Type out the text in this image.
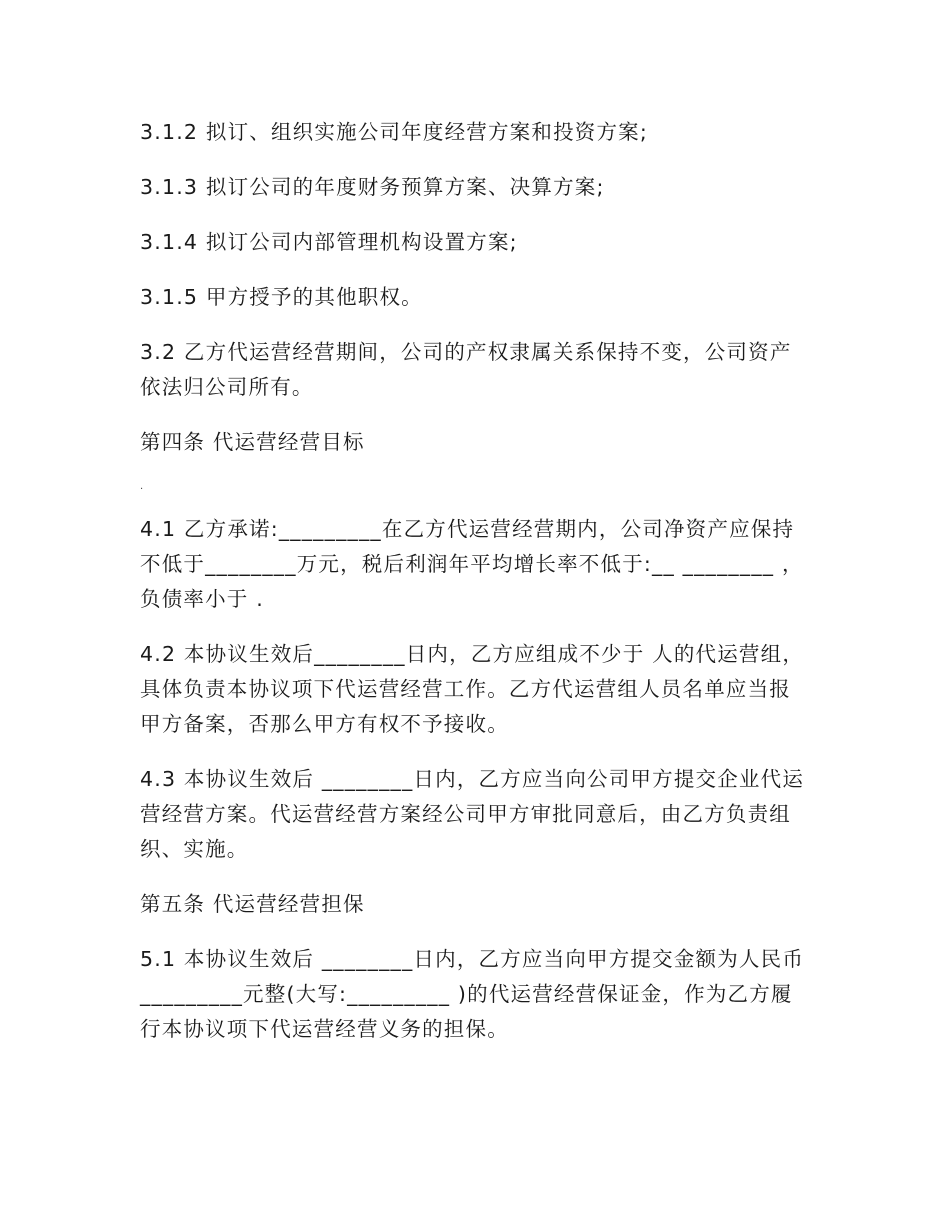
3.1.2 拟订、组织实施公司年度经营方案和投资方案;

3.1.3 拟订公司的年度财务预算方案、决算方案;

3.1.4 拟订公司内部管理机构设置方案;

3.1.5 甲方授予的其他职权。

3.2 乙方代运营经营期间，公司的产权隶属关系保持不变，公司资产依法归公司所有。

第四条 代运营经营目标

.

4.1 乙方承诺:_________在乙方代运营经营期内，公司净资产应保持不低于________万元，税后利润年平均增长率不低于:__ ________ ，负债率小于 .

4.2 本协议生效后________日内，乙方应组成不少于 人的代运营组，具体负责本协议项下代运营经营工作。乙方代运营组人员名单应当报甲方备案，否那么甲方有权不予接收。

4.3 本协议生效后 ________日内，乙方应当向公司甲方提交企业代运营经营方案。代运营经营方案经公司甲方审批同意后，由乙方负责组织、实施。

第五条 代运营经营担保

5.1 本协议生效后 ________日内，乙方应当向甲方提交金额为人民币_________元整(大写:_________ )的代运营经营保证金，作为乙方履行本协议项下代运营经营义务的担保。
